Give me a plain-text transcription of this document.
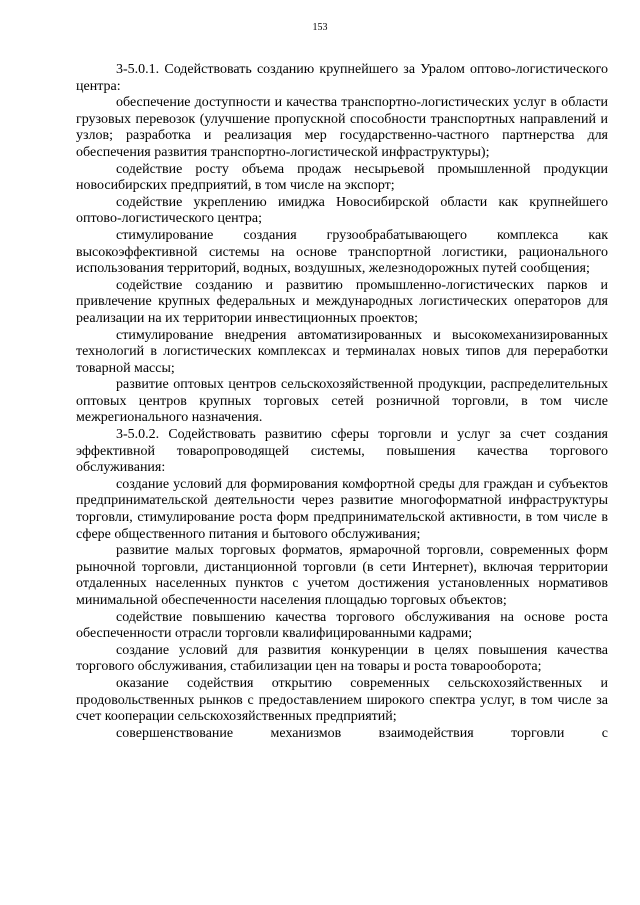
153

3-5.0.1. Содействовать созданию крупнейшего за Уралом оптово-логистического центра:

обеспечение доступности и качества транспортно-логистических услуг в области грузовых перевозок (улучшение пропускной способности транспортных направлений и узлов; разработка и реализация мер государственно-частного партнерства для обеспечения развития транспортно-логистической инфраструктуры);

содействие росту объема продаж несырьевой промышленной продукции новосибирских предприятий, в том числе на экспорт;

содействие укреплению имиджа Новосибирской области как крупнейшего оптово-логистического центра;

стимулирование создания грузообрабатывающего комплекса как высокоэффективной системы на основе транспортной логистики, рационального использования территорий, водных, воздушных, железнодорожных путей сообщения;

содействие созданию и развитию промышленно-логистических парков и привлечение крупных федеральных и международных логистических операторов для реализации на их территории инвестиционных проектов;

стимулирование внедрения автоматизированных и высокомеханизированных технологий в логистических комплексах и терминалах новых типов для переработки товарной массы;

развитие оптовых центров сельскохозяйственной продукции, распределительных оптовых центров крупных торговых сетей розничной торговли, в том числе межрегионального назначения.

3-5.0.2. Содействовать развитию сферы торговли и услуг за счет создания эффективной товаропроводящей системы, повышения качества торгового обслуживания:

создание условий для формирования комфортной среды для граждан и субъектов предпринимательской деятельности через развитие многоформатной инфраструктуры торговли, стимулирование роста форм предпринимательской активности, в том числе в сфере общественного питания и бытового обслуживания;

развитие малых торговых форматов, ярмарочной торговли, современных форм рыночной торговли, дистанционной торговли (в сети Интернет), включая территории отдаленных населенных пунктов с учетом достижения установленных нормативов минимальной обеспеченности населения площадью торговых объектов;

содействие повышению качества торгового обслуживания на основе роста обеспеченности отрасли торговли квалифицированными кадрами;

создание условий для развития конкуренции в целях повышения качества торгового обслуживания, стабилизации цен на товары и роста товарооборота;

оказание содействия открытию современных сельскохозяйственных и продовольственных рынков с предоставлением широкого спектра услуг, в том числе за счет кооперации сельскохозяйственных предприятий;

совершенствование механизмов взаимодействия торговли с
